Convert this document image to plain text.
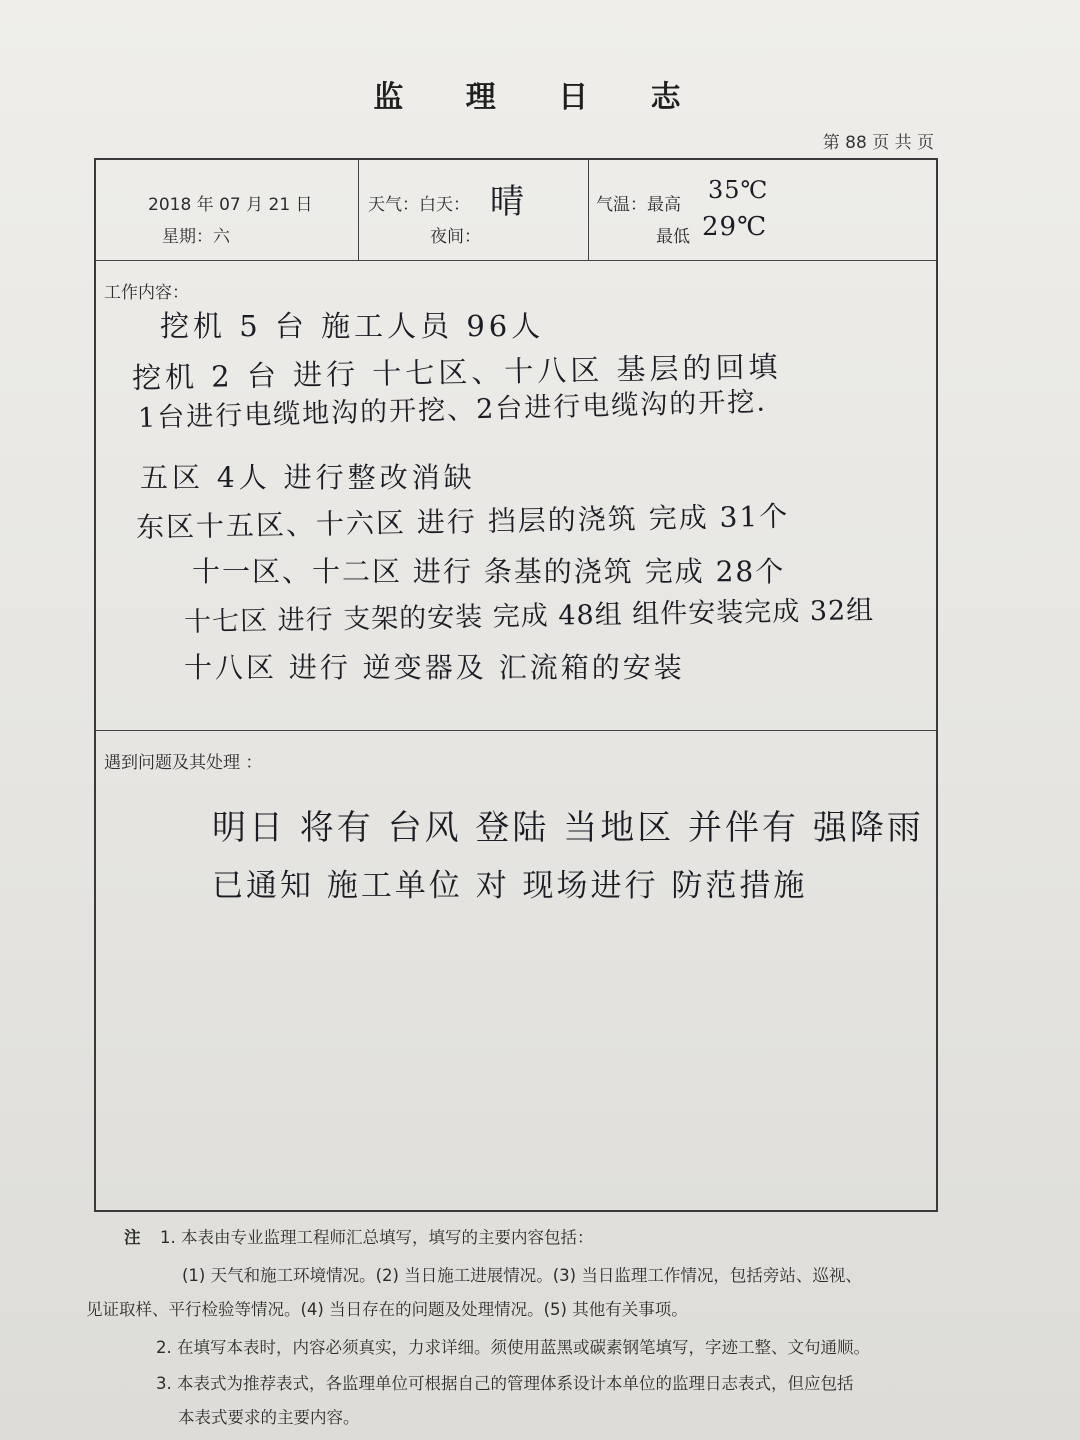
监 理 日 志
第 88 页 共 页
2018 年 07 月 21 日
星期：六
天气：白天： 晴
夜间：
气温：最高
35℃
最低 29℃
工作内容：
挖机 5 台 施工人员 96人
挖机 2 台 进行 十七区、十八区 基层的回填
1台进行电缆地沟的开挖、2台进行电缆沟的开挖.
五区 4人 进行整改消缺
东区十五区、十六区 进行 挡层的浇筑 完成 31个
十一区、十二区 进行 条基的浇筑 完成 28个
十七区 进行 支架的安装 完成 48组 组件安装完成 32组
十八区 进行 逆变器及 汇流箱的安装
遇到问题及其处理 ：
明日 将有 台风 登陆 当地区 并伴有 强降雨
已通知 施工单位 对 现场进行 防范措施
注 1. 本表由专业监理工程师汇总填写，填写的主要内容包括：
(1) 天气和施工环境情况。(2) 当日施工进展情况。(3) 当日监理工作情况，包括旁站、巡视、
见证取样、平行检验等情况。(4) 当日存在的问题及处理情况。(5) 其他有关事项。
2. 在填写本表时，内容必须真实，力求详细。须使用蓝黑或碳素钢笔填写，字迹工整、文句通顺。
3. 本表式为推荐表式，各监理单位可根据自己的管理体系设计本单位的监理日志表式，但应包括
本表式要求的主要内容。
